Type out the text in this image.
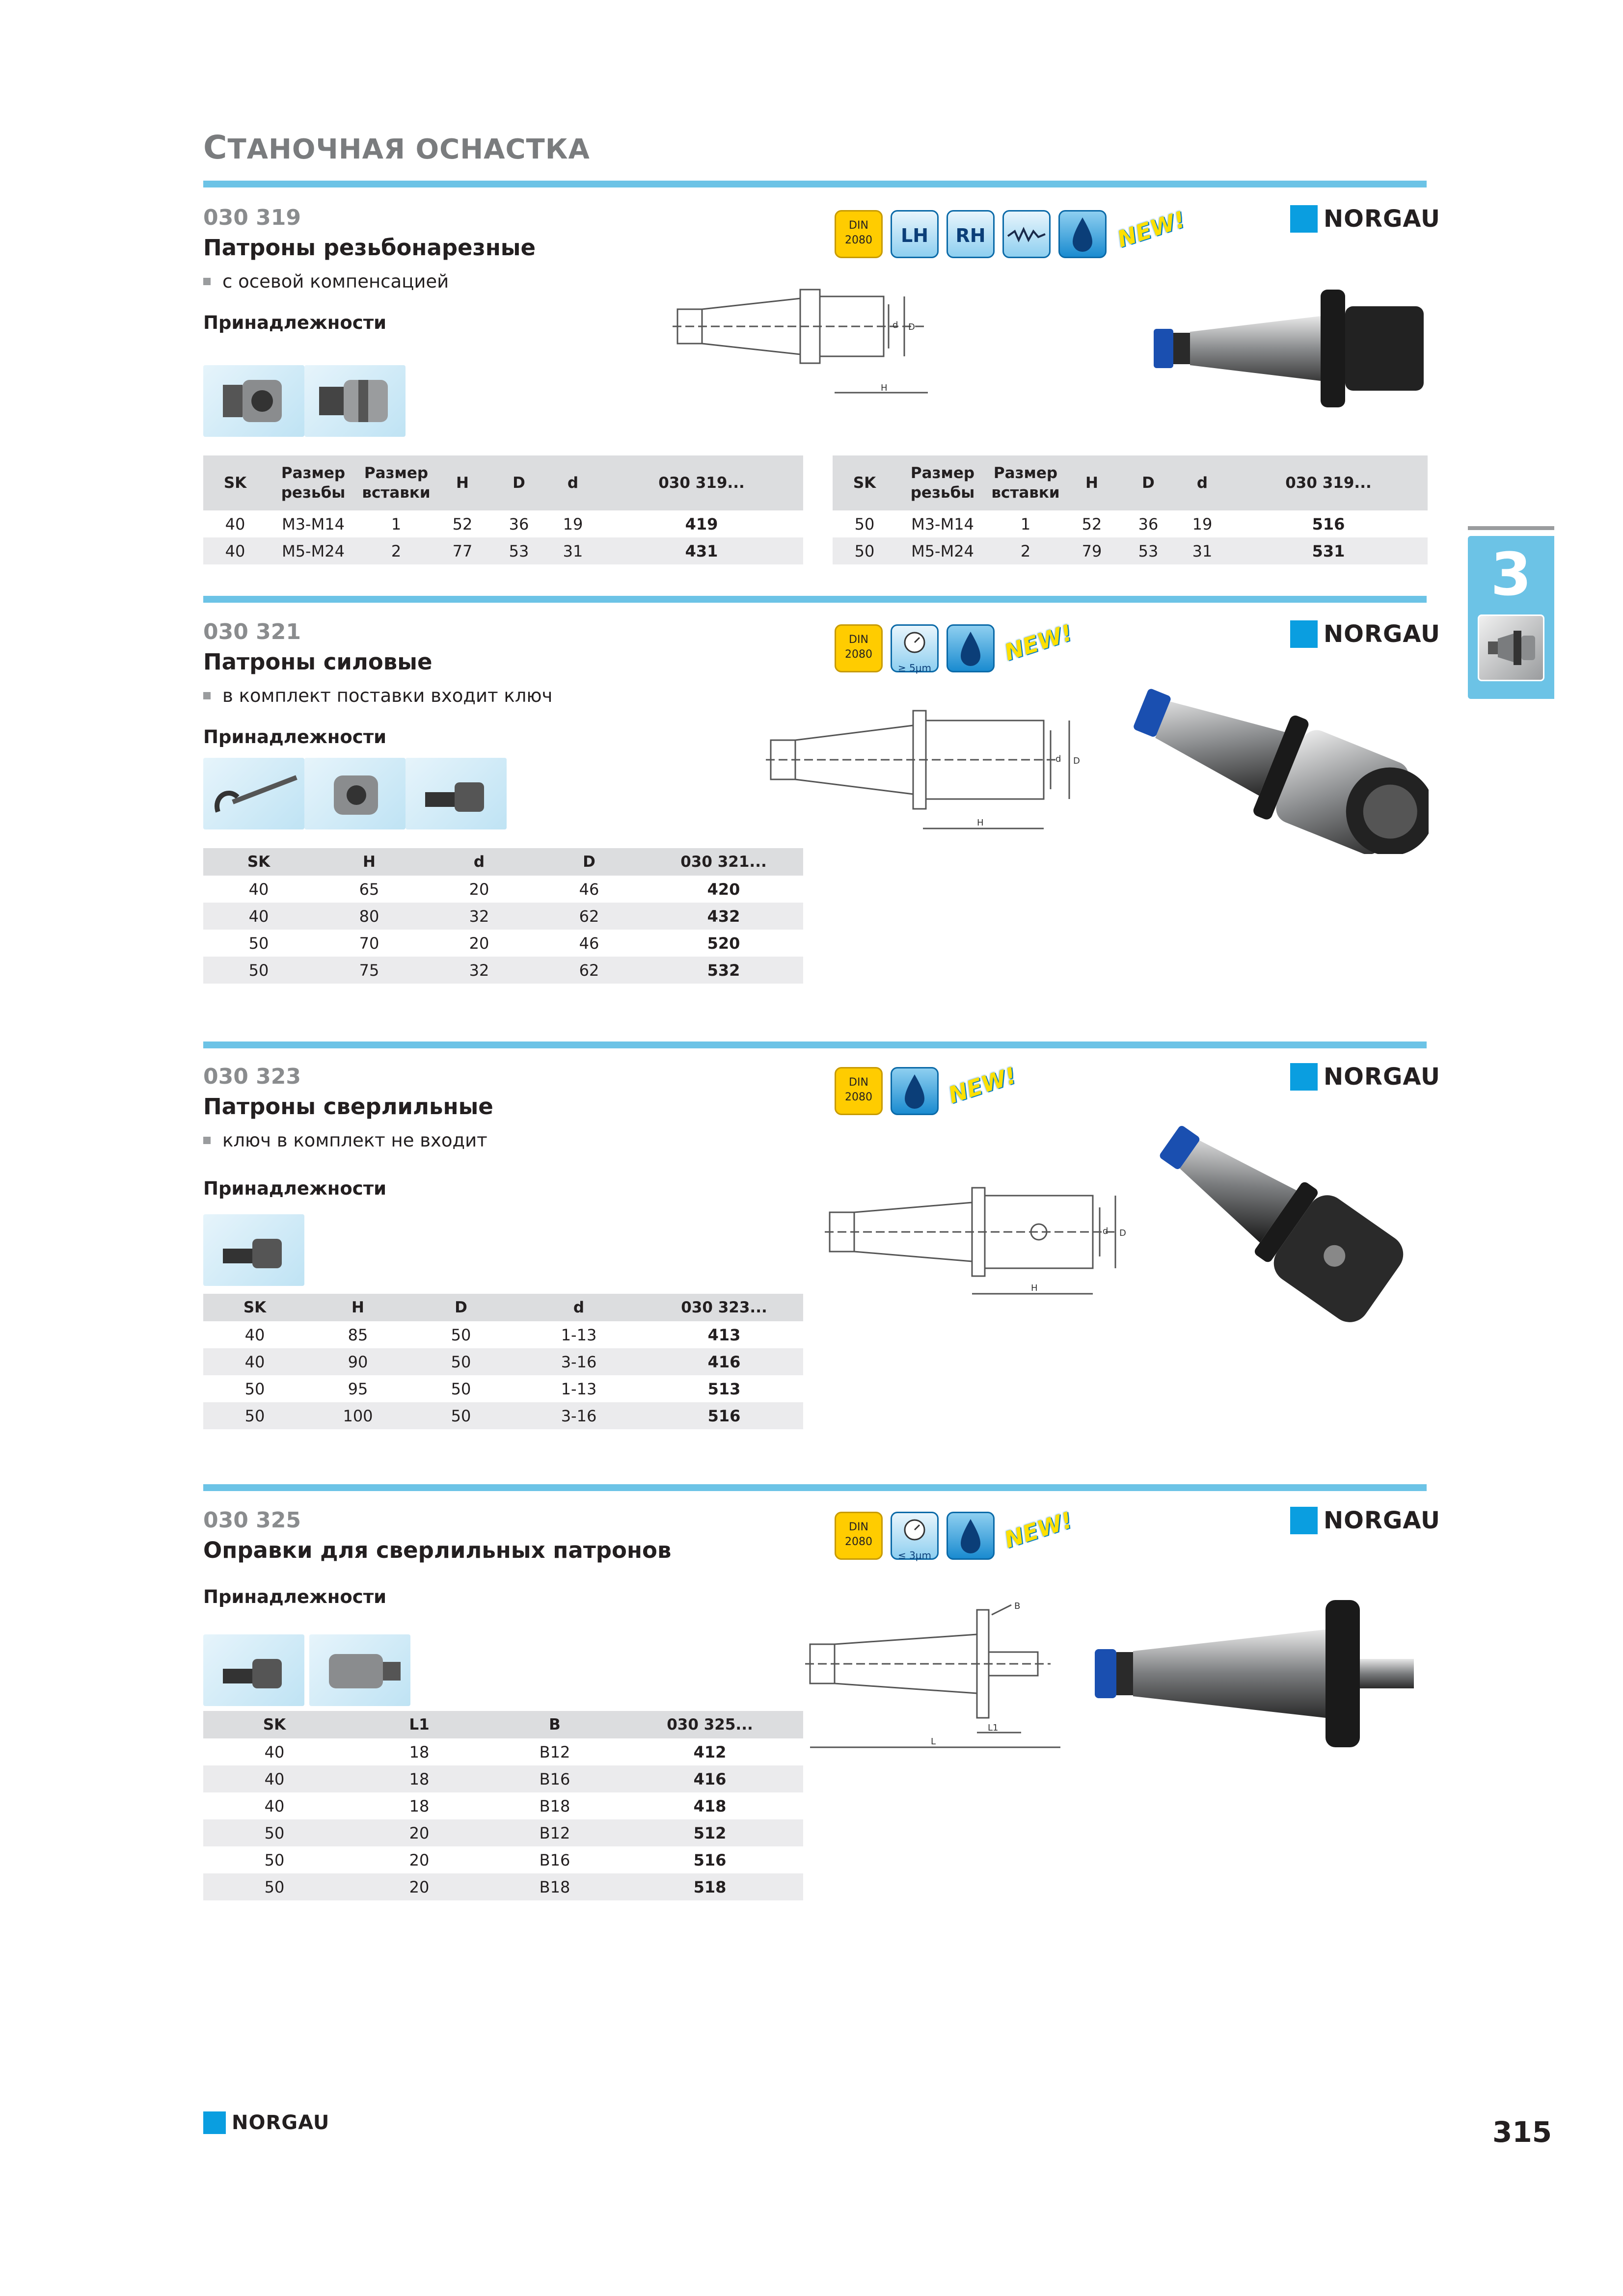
СТАНОЧНАЯ ОСНАСТКА
3
030 319
Патроны резьбонарезные
с осевой компенсацией
Принадлежности
DIN
2080	LH	RH	NEW!	NORGAU
H
d D
SK	Размер резьбы	Размер вставки	H	D	d	030 319...
40	M3-M14	1	52	36	19	419
40	M5-M24	2	77	53	31	431
SK	Размер резьбы	Размер вставки	H	D	d	030 319...
50	M3-M14	1	52	36	19	516
50	M5-M24	2	79	53	31	531
030 321
Патроны силовые
в комплект поставки входит ключ
Принадлежности
DIN
2080
≥ 5μm
NEW!	NORGAU
H
d D
SK	H	d	D	030 321...
40	65	20	46	420
40	80	32	62	432
50	70	20	46	520
50	75	32	62	532
030 323
Патроны сверлильные
ключ в комплект не входит
Принадлежности
DIN
2080	NEW!	NORGAU
H
d D
SK	H	D	d	030 323...
40	85	50	1-13	413
40	90	50	3-16	416
50	95	50	1-13	513
50	100	50	3-16	516
030 325
Оправки для сверлильных патронов
Принадлежности
DIN
2080
≤ 3μm
NEW!	NORGAU
B
L1
L
SK	L1	B	030 325...
40	18	B12	412
40	18	B16	416
40	18	B18	418
50	20	B12	512
50	20	B16	516
50	20	B18	518
NORGAU	315
